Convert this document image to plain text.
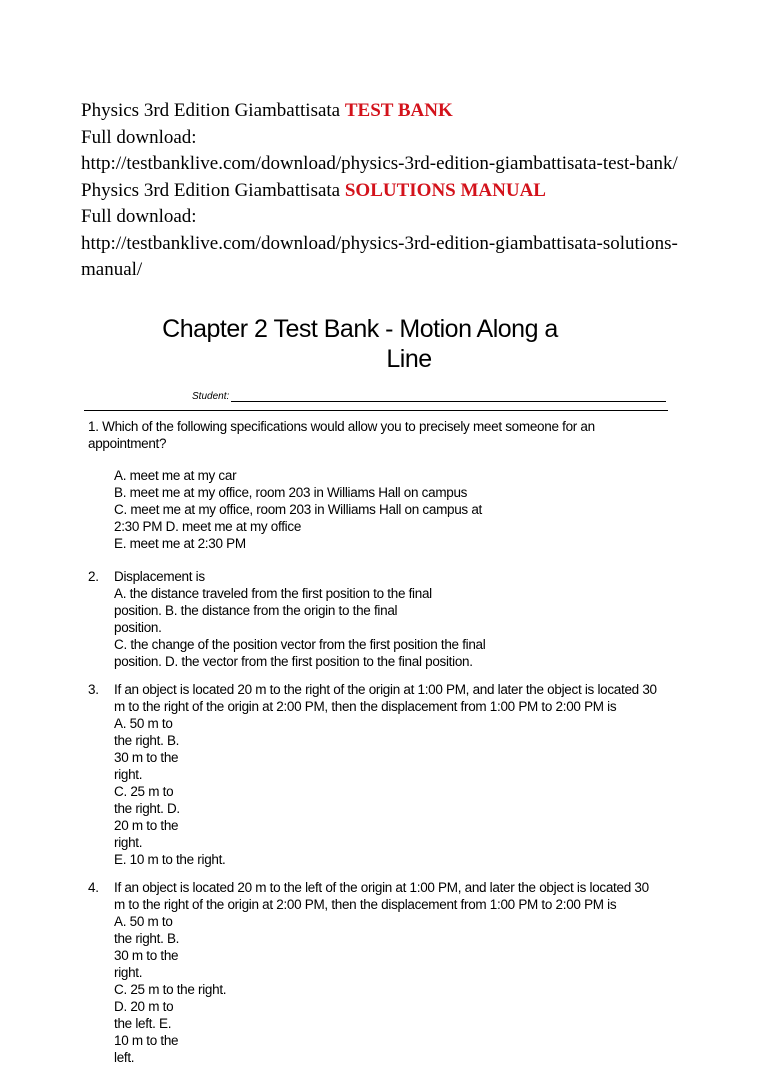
Physics 3rd Edition Giambattisata TEST BANK
Full download:
http://testbanklive.com/download/physics-3rd-edition-giambattisata-test-bank/
Physics 3rd Edition Giambattisata SOLUTIONS MANUAL
Full download:
http://testbanklive.com/download/physics-3rd-edition-giambattisata-solutions-
manual/
Chapter 2 Test Bank - Motion Along a
Line
Student:
1. Which of the following specifications would allow you to precisely meet someone for an
appointment?
A. meet me at my car
B. meet me at my office, room 203 in Williams Hall on campus
C. meet me at my office, room 203 in Williams Hall on campus at
2:30 PM D. meet me at my office
E. meet me at 2:30 PM
2. Displacement is
A. the distance traveled from the first position to the final
position. B. the distance from the origin to the final
position.
C. the change of the position vector from the first position the final
position. D. the vector from the first position to the final position.
3. If an object is located 20 m to the right of the origin at 1:00 PM, and later the object is located 30
m to the right of the origin at 2:00 PM, then the displacement from 1:00 PM to 2:00 PM is
A. 50 m to
the right. B.
30 m to the
right.
C. 25 m to
the right. D.
20 m to the
right.
E. 10 m to the right.
4. If an object is located 20 m to the left of the origin at 1:00 PM, and later the object is located 30
m to the right of the origin at 2:00 PM, then the displacement from 1:00 PM to 2:00 PM is
A. 50 m to
the right. B.
30 m to the
right.
C. 25 m to the right.
D. 20 m to
the left. E.
10 m to the
left.
